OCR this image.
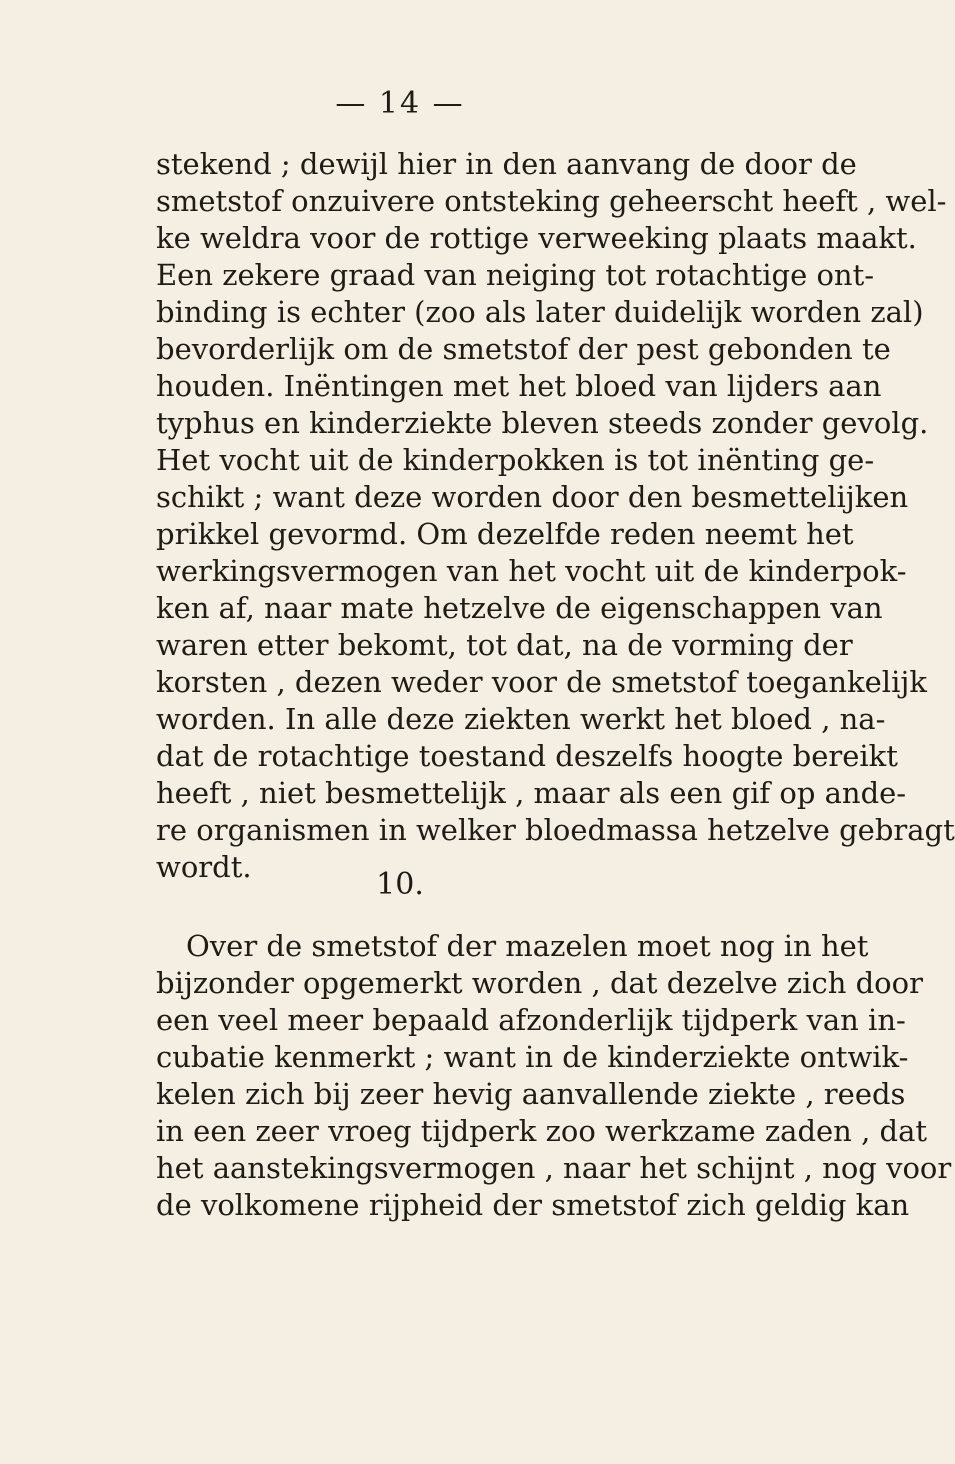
— 14 —
stekend ; dewijl hier in den aanvang de door de
smetstof onzuivere ontsteking geheerscht heeft , wel-
ke weldra voor de rottige verweeking plaats maakt.
Een zekere graad van neiging tot rotachtige ont-
binding is echter (zoo als later duidelijk worden zal)
bevorderlijk om de smetstof der pest gebonden te
houden. Inëntingen met het bloed van lijders aan
typhus en kinderziekte bleven steeds zonder gevolg.
Het vocht uit de kinderpokken is tot inënting ge-
schikt ; want deze worden door den besmettelijken
prikkel gevormd. Om dezelfde reden neemt het
werkingsvermogen van het vocht uit de kinderpok-
ken af, naar mate hetzelve de eigenschappen van
waren etter bekomt, tot dat, na de vorming der
korsten , dezen weder voor de smetstof toegankelijk
worden. In alle deze ziekten werkt het bloed , na-
dat de rotachtige toestand deszelfs hoogte bereikt
heeft , niet besmettelijk , maar als een gif op ande-
re organismen in welker bloedmassa hetzelve gebragt
wordt.	10.
Over de smetstof der mazelen moet nog in het
bijzonder opgemerkt worden , dat dezelve zich door
een veel meer bepaald afzonderlijk tijdperk van in-
cubatie kenmerkt ; want in de kinderziekte ontwik-
kelen zich bij zeer hevig aanvallende ziekte , reeds
in een zeer vroeg tijdperk zoo werkzame zaden , dat
het aanstekingsvermogen , naar het schijnt , nog voor
de volkomene rijpheid der smetstof zich geldig kan
